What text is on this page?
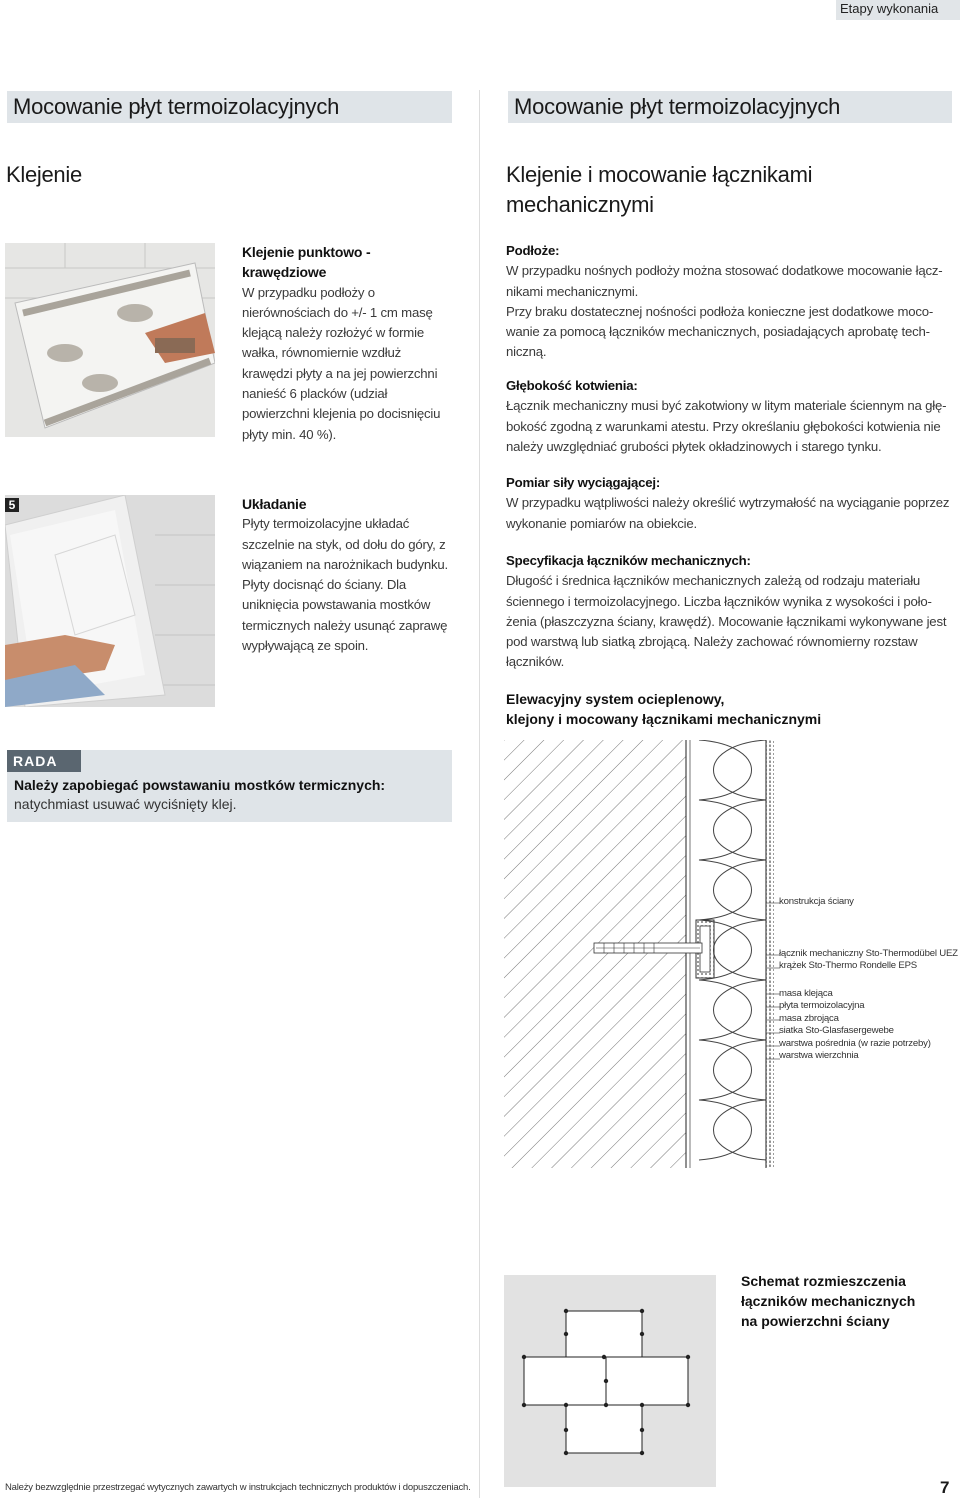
Etapy wykonania
Mocowanie płyt termoizolacyjnych
Klejenie

Klejenie punktowo - krawędziowe

W przypadku podłoży o nierównościach do +/- 1 cm masę klejącą należy rozłożyć w formie wałka, równomiernie wzdłuż krawędzi płyty a na jej powierzchni nanieść 6 placków (udział powierzchni klejenia po docisnięciu płyty min. 40 %).

5	Układanie

Płyty termoizolacyjne układać szczelnie na styk, od dołu do góry, z wiązaniem na narożnikach budynku. Płyty docisnąć do ściany. Dla uniknięcia powstawania mostków termicznych należy usunąć zaprawę wypływającą ze spoin.

RADA
Należy zapobiegać powstawaniu mostków termicznych:
natychmiast usuwać wyciśnięty klej.
Mocowanie płyt termoizolacyjnych
Klejenie i mocowanie łącznikami mechanicznymi

Podłoże:

W przypadku nośnych podłoży można stosować dodatkowe mocowanie łącz-

nikami mechanicznymi.

Przy braku dostatecznej nośności podłoża konieczne jest dodatkowe moco-

wanie za pomocą łączników mechanicznych, posiadających aprobatę tech-

niczną.

Głębokość kotwienia:

Łącznik mechaniczny musi być zakotwiony w litym materiale ściennym na głę-

bokość zgodną z warunkami atestu. Przy określaniu głębokości kotwienia nie

należy uwzględniać grubości płytek okładzinowych i starego tynku.

Pomiar siły wyciągającej:

W przypadku wątpliwości należy określić wytrzymałość na wyciąganie poprzez

wykonanie pomiarów na obiekcie.

Specyfikacja łączników mechanicznych:

Długość i średnica łączników mechanicznych zależą od rodzaju materiału

ściennego i termoizolacyjnego. Liczba łączników wynika z wysokości i poło-

żenia (płaszczyzna ściany, krawędź). Mocowanie łącznikami wykonywane jest

pod warstwą lub siatką zbrojącą. Należy zachować równomierny rozstaw

łączników.

Elewacyjny system ocieplenowy,
klejony i mocowany łącznikami mechanicznymi
konstrukcja ściany
łącznik mechaniczny Sto-Thermodübel UEZ
krążek Sto-Thermo Rondelle EPS
masa klejąca
płyta termoizolacyjna
masa zbrojąca
siatka Sto-Glasfasergewebe
warstwa pośrednia (w razie potrzeby)
warstwa wierzchnia
Schemat rozmieszczenia
łączników mechanicznych
na powierzchni ściany
Należy bezwzględnie przestrzegać wytycznych zawartych w instrukcjach technicznych produktów i dopuszczeniach.	7
